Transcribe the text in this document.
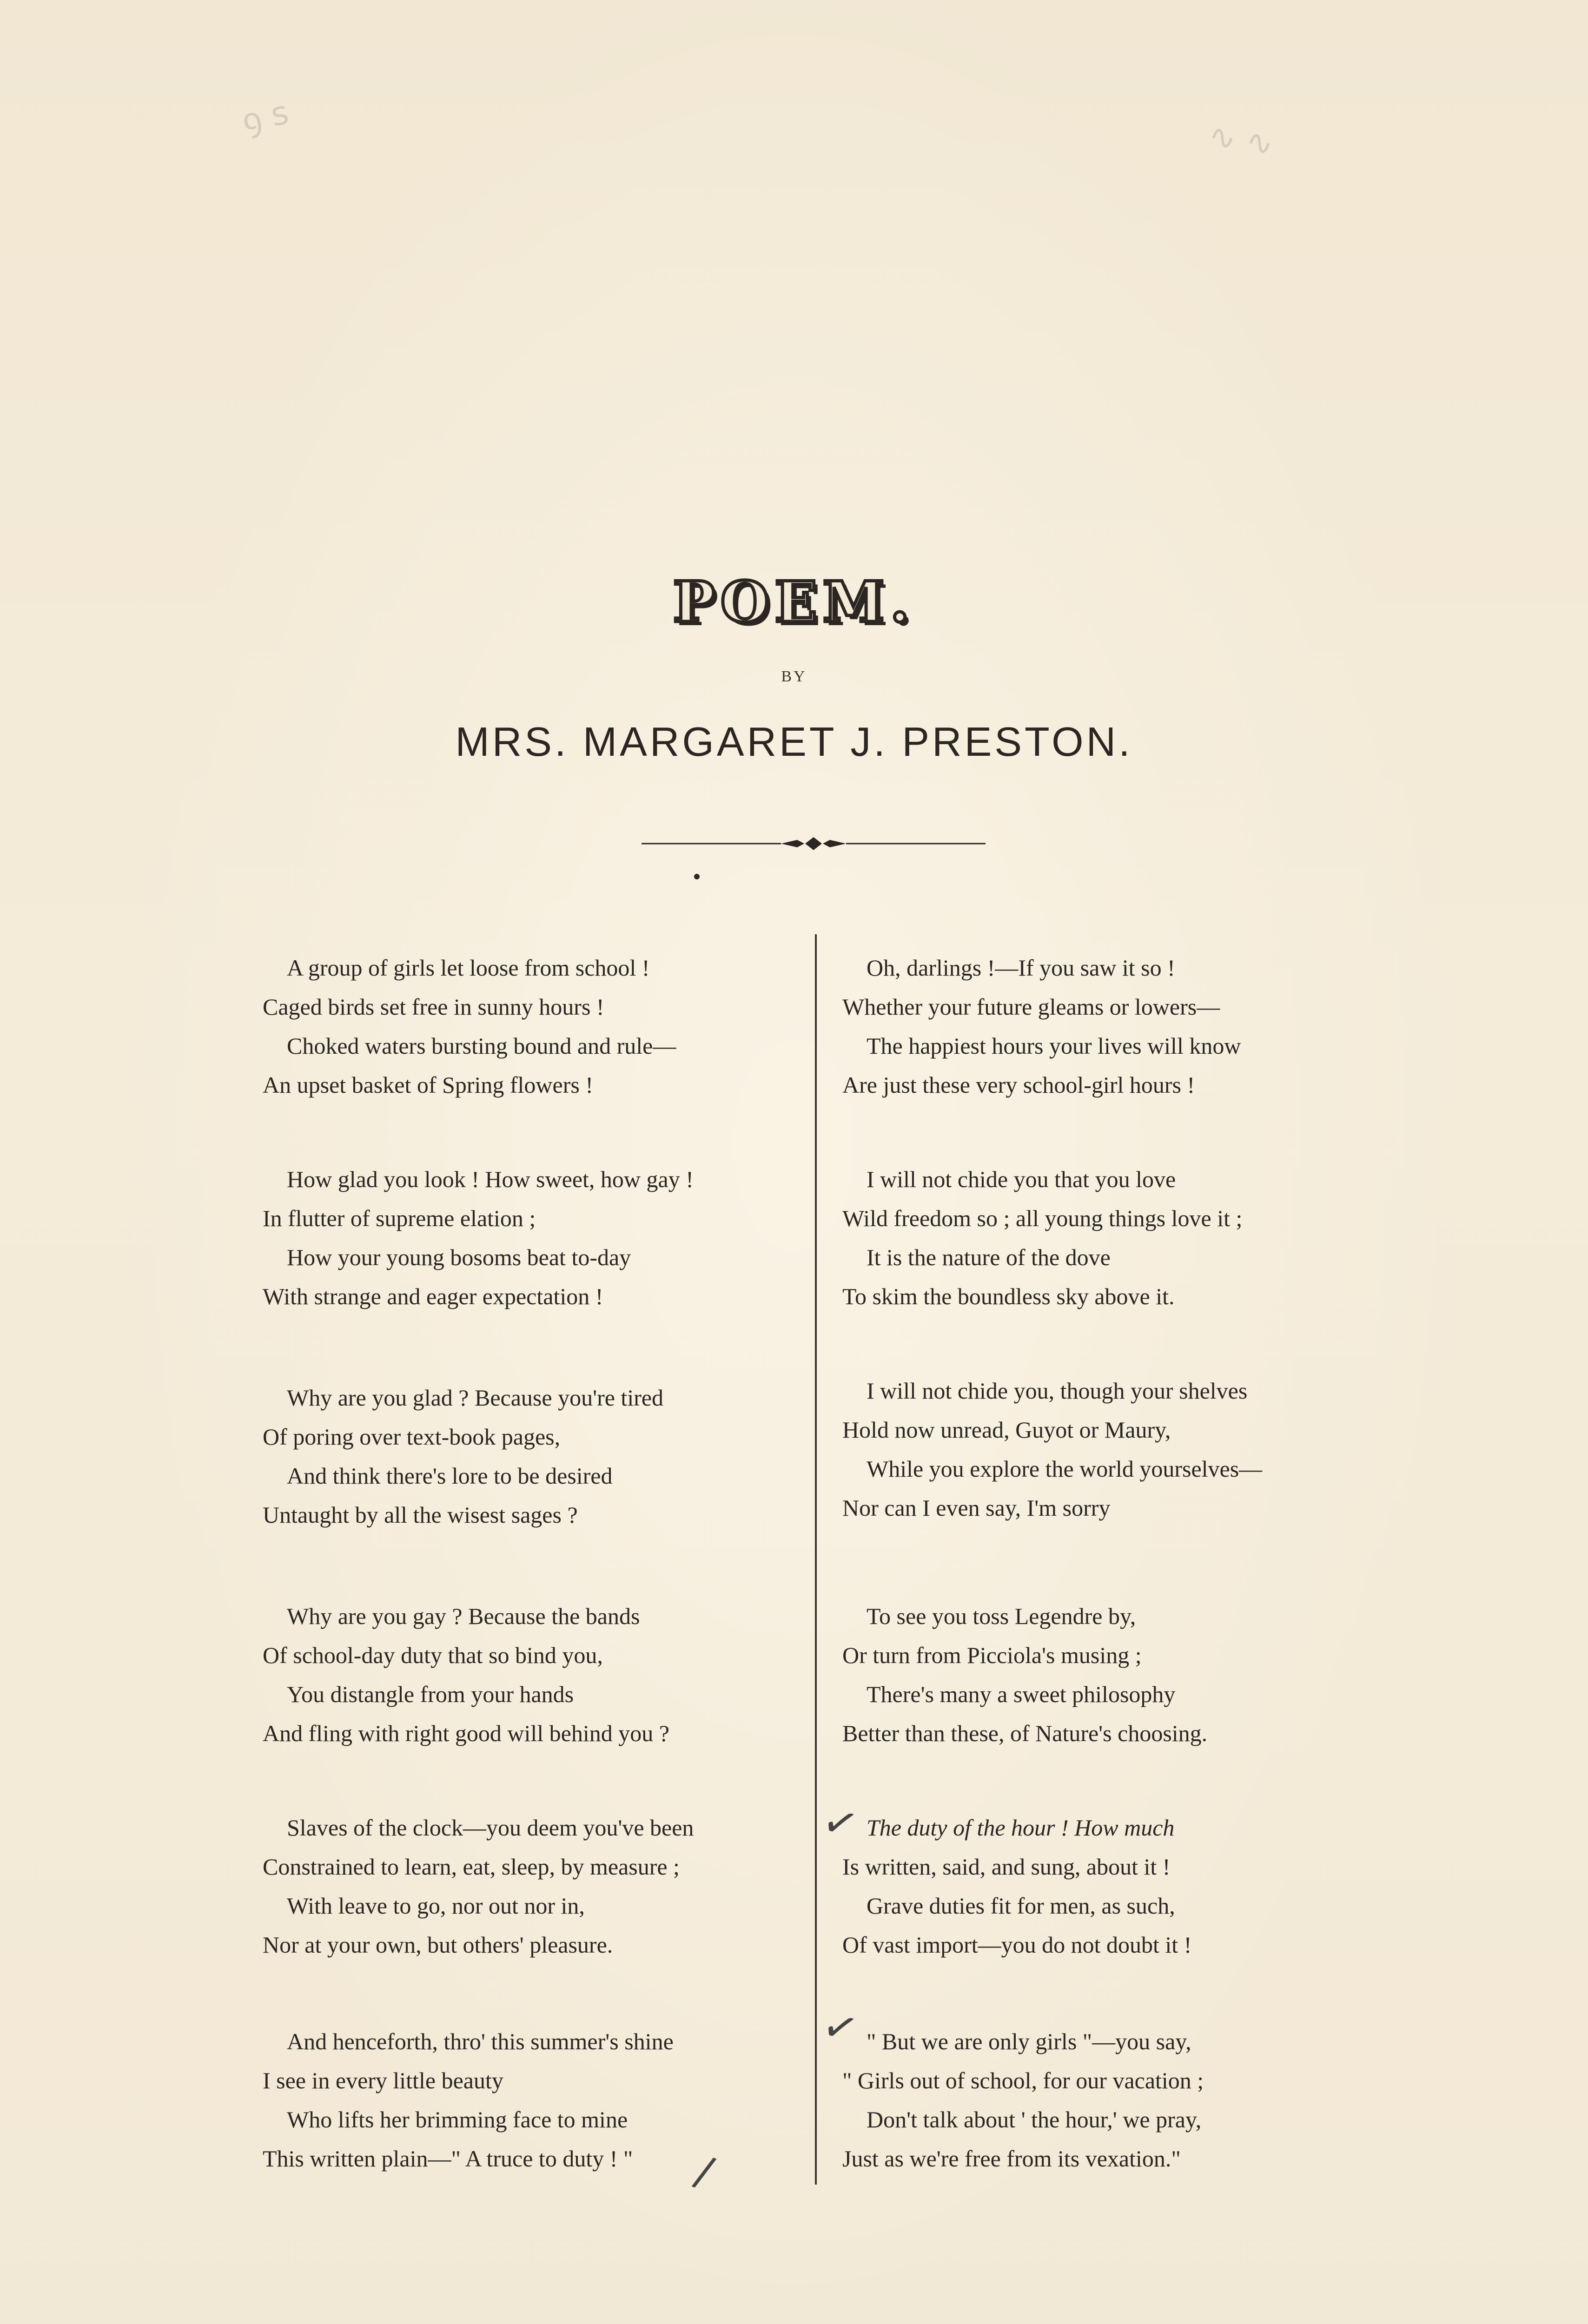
ꝯ ꜱ	∿ ∿
POEM.
BY
MRS. MARGARET J. PRESTON.
/
✓
✓
A group of girls let loose from school !
Caged birds set free in sunny hours !
Choked waters bursting bound and rule—
An upset basket of Spring flowers !
How glad you look ! How sweet, how gay !
In flutter of supreme elation ;
How your young bosoms beat to-day
With strange and eager expectation !
Why are you glad ? Because you're tired
Of poring over text-book pages,
And think there's lore to be desired
Untaught by all the wisest sages ?
Why are you gay ? Because the bands
Of school-day duty that so bind you,
You distangle from your hands
And fling with right good will behind you ?
Slaves of the clock—you deem you've been
Constrained to learn, eat, sleep, by measure ;
With leave to go, nor out nor in,
Nor at your own, but others' pleasure.
And henceforth, thro' this summer's shine
I see in every little beauty
Who lifts her brimming face to mine
This written plain—" A truce to duty ! "
Oh, darlings !—If you saw it so !
Whether your future gleams or lowers—
The happiest hours your lives will know
Are just these very school-girl hours !
I will not chide you that you love
Wild freedom so ; all young things love it ;
It is the nature of the dove
To skim the boundless sky above it.
I will not chide you, though your shelves
Hold now unread, Guyot or Maury,
While you explore the world yourselves—
Nor can I even say, I'm sorry
To see you toss Legendre by,
Or turn from Picciola's musing ;
There's many a sweet philosophy
Better than these, of Nature's choosing.
The duty of the hour ! How much
Is written, said, and sung, about it !
Grave duties fit for men, as such,
Of vast import—you do not doubt it !
" But we are only girls "—you say,
" Girls out of school, for our vacation ;
Don't talk about ' the hour,' we pray,
Just as we're free from its vexation."
